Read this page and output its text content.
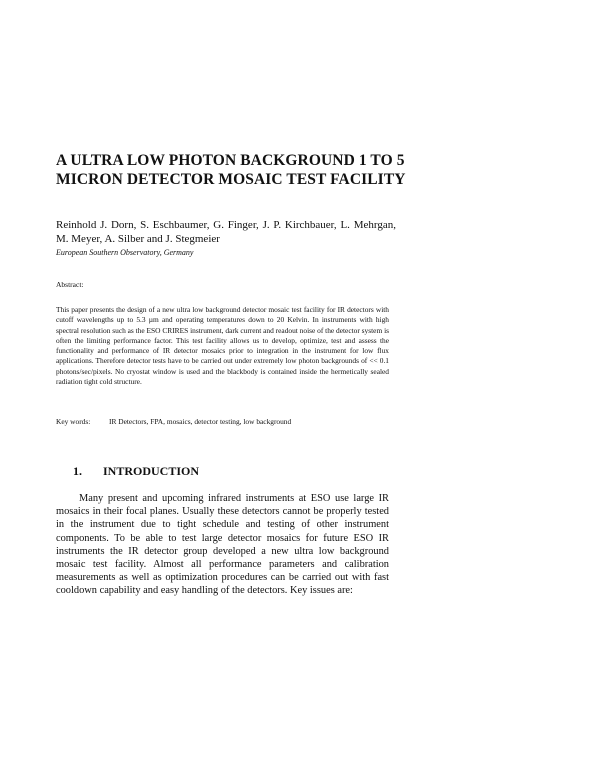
A ULTRA LOW PHOTON BACKGROUND 1 TO 5
MICRON DETECTOR MOSAIC TEST FACILITY

Reinhold J. Dorn, S. Eschbaumer, G. Finger, J. P. Kirchbauer, L. Mehrgan, M. Meyer, A. Silber and J. Stegmeier

European Southern Observatory, Germany

Abstract:

This paper presents the design of a new ultra low background detector mosaic test facility for IR detectors with cutoff wavelengths up to 5.3 µm and operating temperatures down to 20 Kelvin. In instruments with high spectral resolution such as the ESO CRIRES instrument, dark current and readout noise of the detector system is often the limiting performance factor. This test facility allows us to develop, optimize, test and assess the functionality and performance of IR detector mosaics prior to integration in the instrument for low flux applications. Therefore detector tests have to be carried out under extremely low photon backgrounds of << 0.1 photons/sec/pixels. No cryostat window is used and the blackbody is contained inside the hermetically sealed radiation tight cold structure.

Key words:	IR Detectors, FPA, mosaics, detector testing, low background

1. INTRODUCTION

Many present and upcoming infrared instruments at ESO use large IR mosaics in their focal planes. Usually these detectors cannot be properly tested in the instrument due to tight schedule and testing of other instrument components. To be able to test large detector mosaics for future ESO IR instruments the IR detector group developed a new ultra low background mosaic test facility. Almost all performance parameters and calibration measurements as well as optimization procedures can be carried out with fast cooldown capability and easy handling of the detectors. Key issues are:
